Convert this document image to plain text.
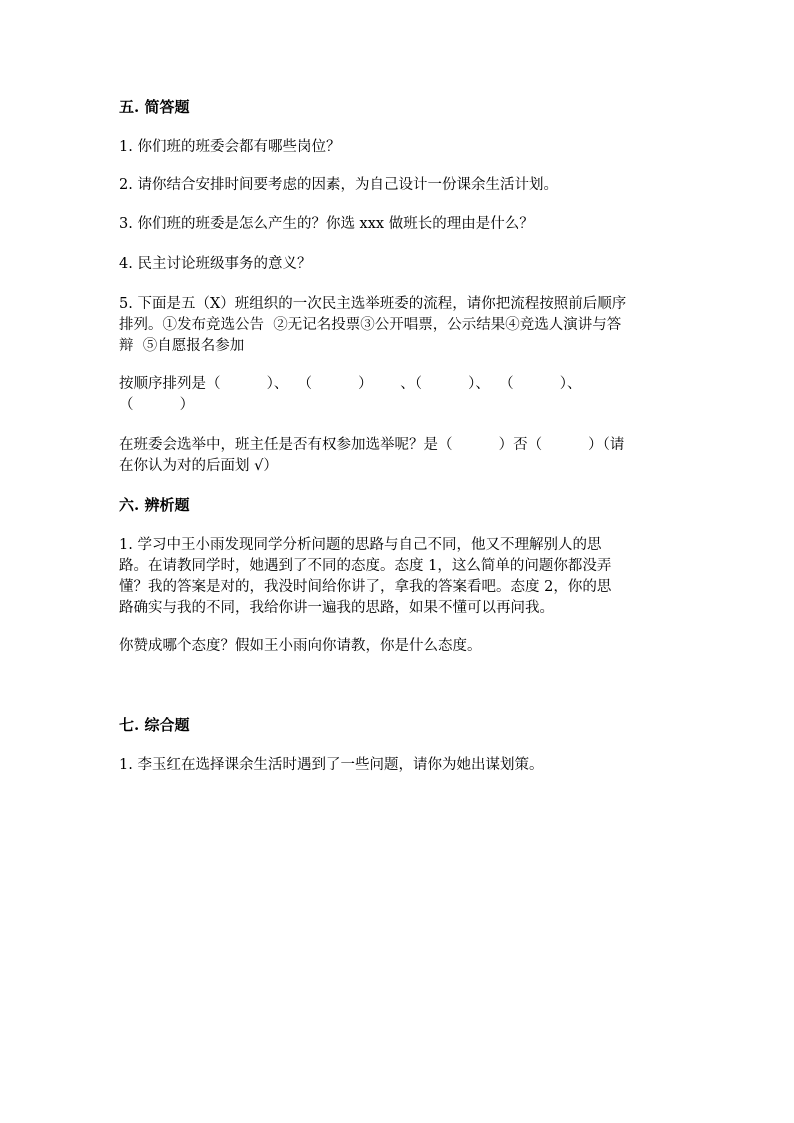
五. 简答题
1. 你们班的班委会都有哪些岗位？
2. 请你结合安排时间要考虑的因素，为自己设计一份课余生活计划。
3. 你们班的班委是怎么产生的？你选 xxx 做班长的理由是什么？
4. 民主讨论班级事务的意义？
5. 下面是五（X）班组织的一次民主选举班委的流程，请你把流程按照前后顺序
排列。①发布竞选公告  ②无记名投票③公开唱票，公示结果④竞选人演讲与答
辩  ⑤自愿报名参加
按顺序排列是（          ）、  （          ）      、（          ）、  （          ）、
（          ）
在班委会选举中，班主任是否有权参加选举呢？是（          ）否（          ）（请
在你认为对的后面划 √）
六. 辨析题
1. 学习中王小雨发现同学分析问题的思路与自己不同，他又不理解别人的思
路。在请教同学时，她遇到了不同的态度。态度 1，这么简单的问题你都没弄
懂？我的答案是对的，我没时间给你讲了，拿我的答案看吧。态度 2，你的思
路确实与我的不同，我给你讲一遍我的思路，如果不懂可以再问我。
你赞成哪个态度？假如王小雨向你请教，你是什么态度。
七. 综合题
1. 李玉红在选择课余生活时遇到了一些问题，请你为她出谋划策。
